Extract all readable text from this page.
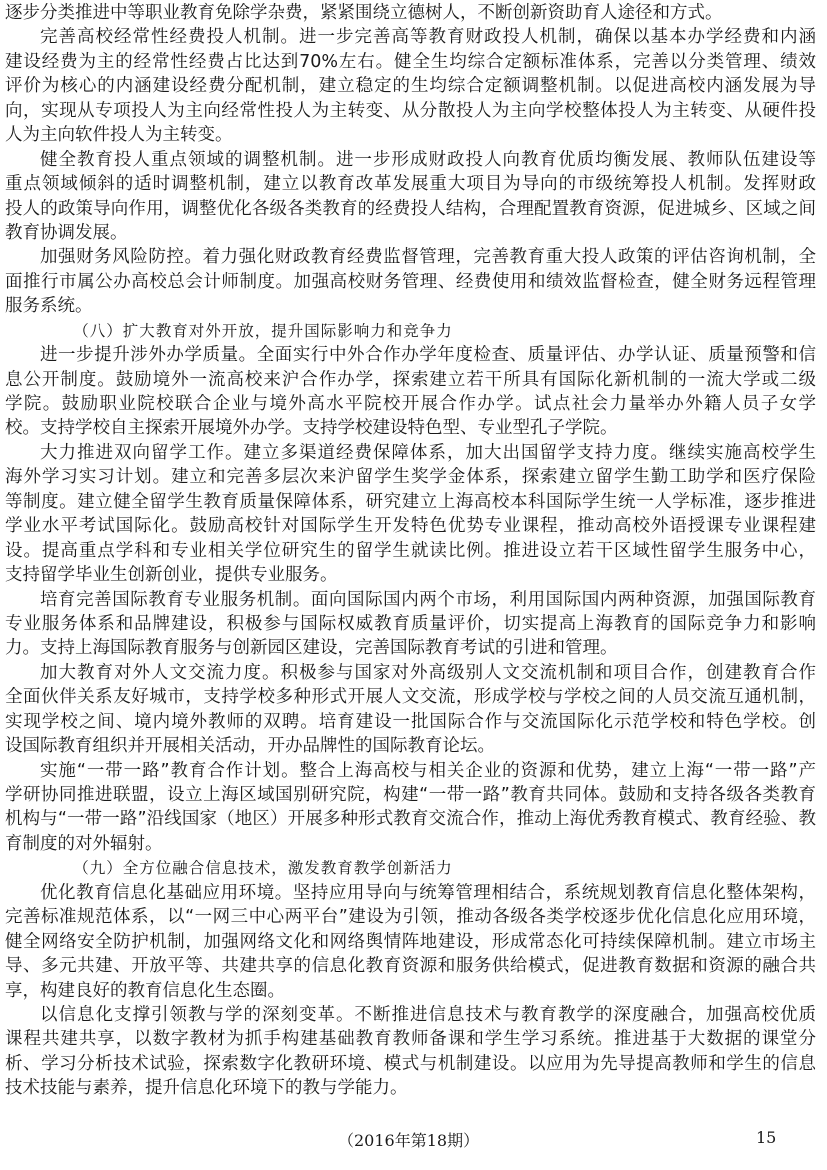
逐步分类推进中等职业教育免除学杂费，紧紧围绕立德树人，不断创新资助育人途径和方式。
完善高校经常性经费投人机制。进一步完善高等教育财政投人机制，确保以基本办学经费和内涵
建设经费为主的经常性经费占比达到70%左右。健全生均综合定额标准体系，完善以分类管理、绩效
评价为核心的内涵建设经费分配机制，建立稳定的生均综合定额调整机制。以促进高校内涵发展为导
向，实现从专项投人为主向经常性投人为主转变、从分散投人为主向学校整体投人为主转变、从硬件投
人为主向软件投人为主转变。
健全教育投人重点领域的调整机制。进一步形成财政投人向教育优质均衡发展、教师队伍建设等
重点领域倾斜的适时调整机制，建立以教育改革发展重大项目为导向的市级统筹投人机制。发挥财政
投人的政策导向作用，调整优化各级各类教育的经费投人结构，合理配置教育资源，促进城乡、区域之间
教育协调发展。
加强财务风险防控。着力强化财政教育经费监督管理，完善教育重大投人政策的评估咨询机制，全
面推行市属公办高校总会计师制度。加强高校财务管理、经费使用和绩效监督检查，健全财务远程管理
服务系统。
（八）扩大教育对外开放，提升国际影响力和竞争力
进一步提升涉外办学质量。全面实行中外合作办学年度检查、质量评估、办学认证、质量预警和信
息公开制度。鼓励境外一流高校来沪合作办学，探索建立若干所具有国际化新机制的一流大学或二级
学院。鼓励职业院校联合企业与境外高水平院校开展合作办学。试点社会力量举办外籍人员子女学
校。支持学校自主探索开展境外办学。支持学校建设特色型、专业型孔子学院。
大力推进双向留学工作。建立多渠道经费保障体系，加大出国留学支持力度。继续实施高校学生
海外学习实习计划。建立和完善多层次来沪留学生奖学金体系，探索建立留学生勤工助学和医疗保险
等制度。建立健全留学生教育质量保障体系，研究建立上海高校本科国际学生统一人学标准，逐步推进
学业水平考试国际化。鼓励高校针对国际学生开发特色优势专业课程，推动高校外语授课专业课程建
设。提高重点学科和专业相关学位研究生的留学生就读比例。推进设立若干区域性留学生服务中心，
支持留学毕业生创新创业，提供专业服务。
培育完善国际教育专业服务机制。面向国际国内两个市场，利用国际国内两种资源，加强国际教育
专业服务体系和品牌建设，积极参与国际权威教育质量评价，切实提高上海教育的国际竞争力和影响
力。支持上海国际教育服务与创新园区建设，完善国际教育考试的引进和管理。
加大教育对外人文交流力度。积极参与国家对外高级别人文交流机制和项目合作，创建教育合作
全面伙伴关系友好城市，支持学校多种形式开展人文交流，形成学校与学校之间的人员交流互通机制，
实现学校之间、境内境外教师的双聘。培育建设一批国际合作与交流国际化示范学校和特色学校。创
设国际教育组织并开展相关活动，开办品牌性的国际教育论坛。
实施“一带一路”教育合作计划。整合上海高校与相关企业的资源和优势，建立上海“一带一路”产
学研协同推进联盟，设立上海区域国别研究院，构建“一带一路”教育共同体。鼓励和支持各级各类教育
机构与“一带一路”沿线国家（地区）开展多种形式教育交流合作，推动上海优秀教育模式、教育经验、教
育制度的对外辐射。
（九）全方位融合信息技术，激发教育教学创新活力
优化教育信息化基础应用环境。坚持应用导向与统筹管理相结合，系统规划教育信息化整体架构，
完善标准规范体系，以“一网三中心两平台”建设为引领，推动各级各类学校逐步优化信息化应用环境，
健全网络安全防护机制，加强网络文化和网络舆情阵地建设，形成常态化可持续保障机制。建立市场主
导、多元共建、开放平等、共建共享的信息化教育资源和服务供给模式，促进教育数据和资源的融合共
享，构建良好的教育信息化生态圈。
以信息化支撑引领教与学的深刻变革。不断推进信息技术与教育教学的深度融合，加强高校优质
课程共建共享，以数字教材为抓手构建基础教育教师备课和学生学习系统。推进基于大数据的课堂分
析、学习分析技术试验，探索数字化教研环境、模式与机制建设。以应用为先导提高教师和学生的信息
技术技能与素养，提升信息化环境下的教与学能力。
（2016年第18期）	15
